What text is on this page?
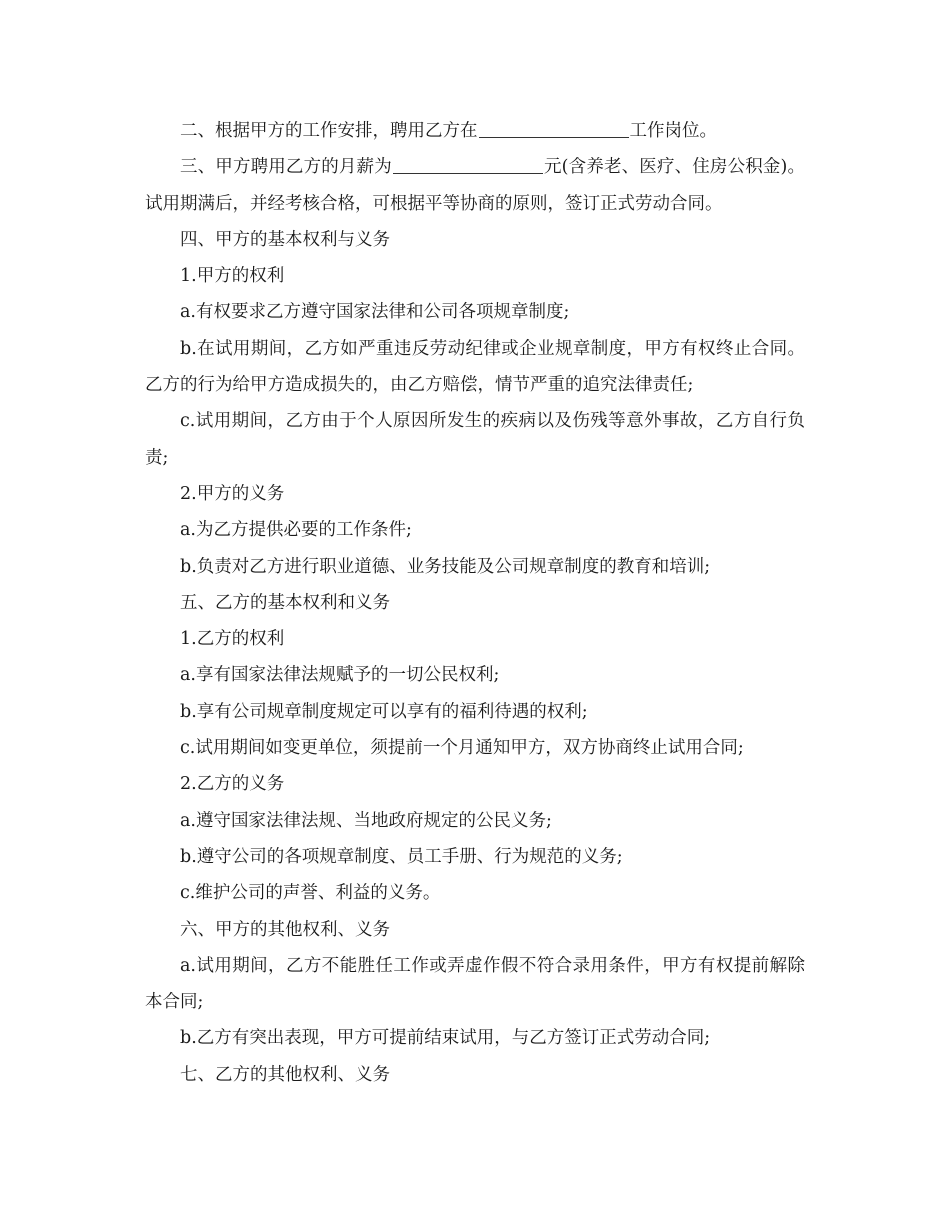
二、根据甲方的工作安排，聘用乙方在	工作岗位。

三、甲方聘用乙方的月薪为	元(含养老、医疗、住房公积金)。试用期满后，并经考核合格，可根据平等协商的原则，签订正式劳动合同。

四、甲方的基本权利与义务

1.甲方的权利

a.有权要求乙方遵守国家法律和公司各项规章制度;

b.在试用期间，乙方如严重违反劳动纪律或企业规章制度，甲方有权终止合同。乙方的行为给甲方造成损失的，由乙方赔偿，情节严重的追究法律责任;

c.试用期间，乙方由于个人原因所发生的疾病以及伤残等意外事故，乙方自行负责;

2.甲方的义务

a.为乙方提供必要的工作条件;

b.负责对乙方进行职业道德、业务技能及公司规章制度的教育和培训;

五、乙方的基本权利和义务

1.乙方的权利

a.享有国家法律法规赋予的一切公民权利;

b.享有公司规章制度规定可以享有的福利待遇的权利;

c.试用期间如变更单位，须提前一个月通知甲方，双方协商终止试用合同;

2.乙方的义务

a.遵守国家法律法规、当地政府规定的公民义务;

b.遵守公司的各项规章制度、员工手册、行为规范的义务;

c.维护公司的声誉、利益的义务。

六、甲方的其他权利、义务

a.试用期间，乙方不能胜任工作或弄虚作假不符合录用条件，甲方有权提前解除本合同;

b.乙方有突出表现，甲方可提前结束试用，与乙方签订正式劳动合同;

七、乙方的其他权利、义务
